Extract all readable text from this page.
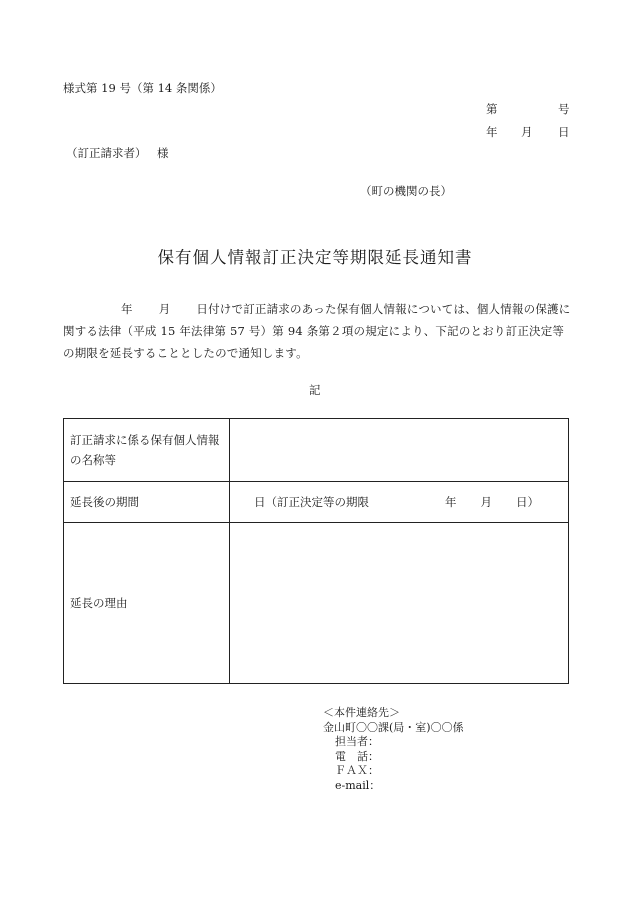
様式第 19 号（第 14 条関係）
第	号
年 月 日
（訂正請求者） 様
（町の機関の長）
保有個人情報訂正決定等期限延長通知書
年 月 日付けで訂正請求のあった保有個人情報については、個人情報の保護に関する法律（平成 15 年法律第 57 号）第 94 条第２項の規定により、下記のとおり訂正決定等の期限を延長することとしたので通知します。
記
訂正請求に係る保有個人情報の名称等	

延長後の期間	日（訂正決定等の期限 年 月 日）
延長の理由	
＜本件連絡先＞
金山町〇〇課(局・室)〇〇係
担当者：
電　話：
ＦＡＸ：
e-mail：
